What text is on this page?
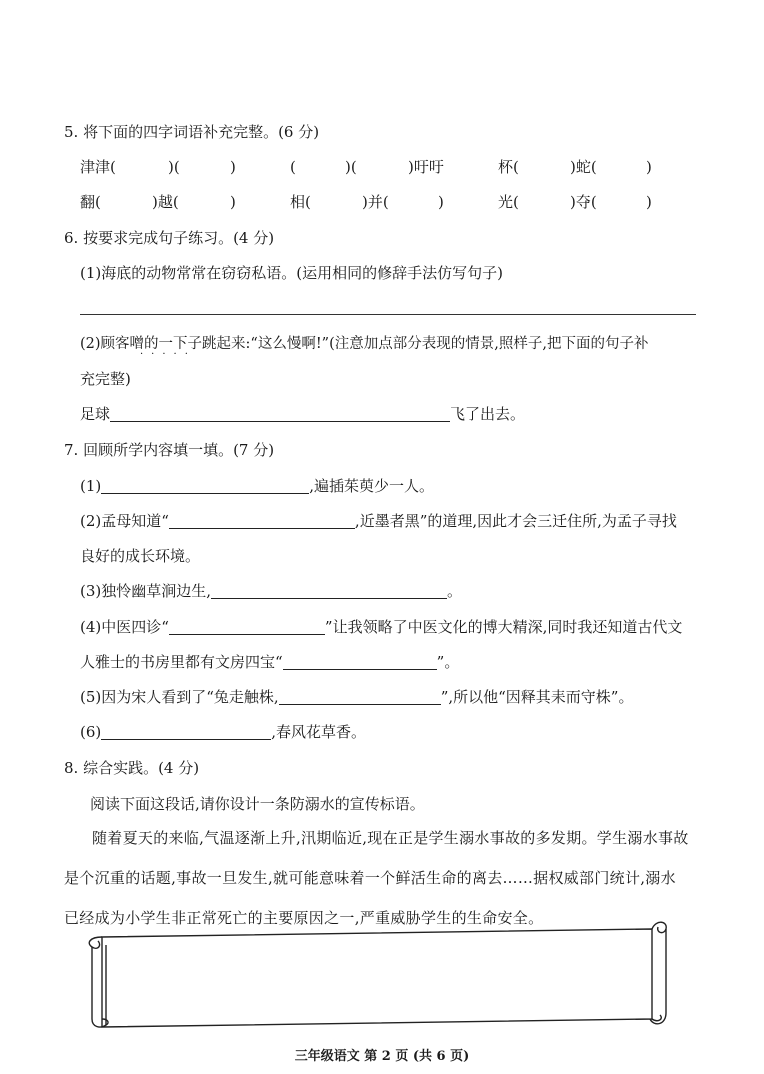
5. 将下面的四字词语补充完整。(6 分)
津津(	)(	)	(	)(	)吁吁	杯(	)蛇(	)
翻(	)越(	)	相(	)并(	)	光(	)夺(	)
6. 按要求完成句子练习。(4 分)
(1)海底的动物常常在窃窃私语。(运用相同的修辞手法仿写句子)
(2)顾客噌的一下子跳起来:“这么慢啊!”(注意加点部分表现的情景,照样子,把下面的句子补
·····
充完整)
足球	飞了出去。
7. 回顾所学内容填一填。(7 分)
(1)	,遍插茱萸少一人。
(2)孟母知道“	,近墨者黑”的道理,因此才会三迁住所,为孟子寻找
良好的成长环境。
(3)独怜幽草涧边生,	。
(4)中医四诊“	”让我领略了中医文化的博大精深,同时我还知道古代文
人雅士的书房里都有文房四宝“	”。
(5)因为宋人看到了“兔走触株,	”,所以他“因释其耒而守株”。
(6)	,春风花草香。
8. 综合实践。(4 分)
阅读下面这段话,请你设计一条防溺水的宣传标语。
随着夏天的来临,气温逐渐上升,汛期临近,现在正是学生溺水事故的多发期。学生溺水事故
是个沉重的话题,事故一旦发生,就可能意味着一个鲜活生命的离去……据权威部门统计,溺水
已经成为小学生非正常死亡的主要原因之一,严重威胁学生的生命安全。
三年级语文 第 2 页 (共 6 页)
